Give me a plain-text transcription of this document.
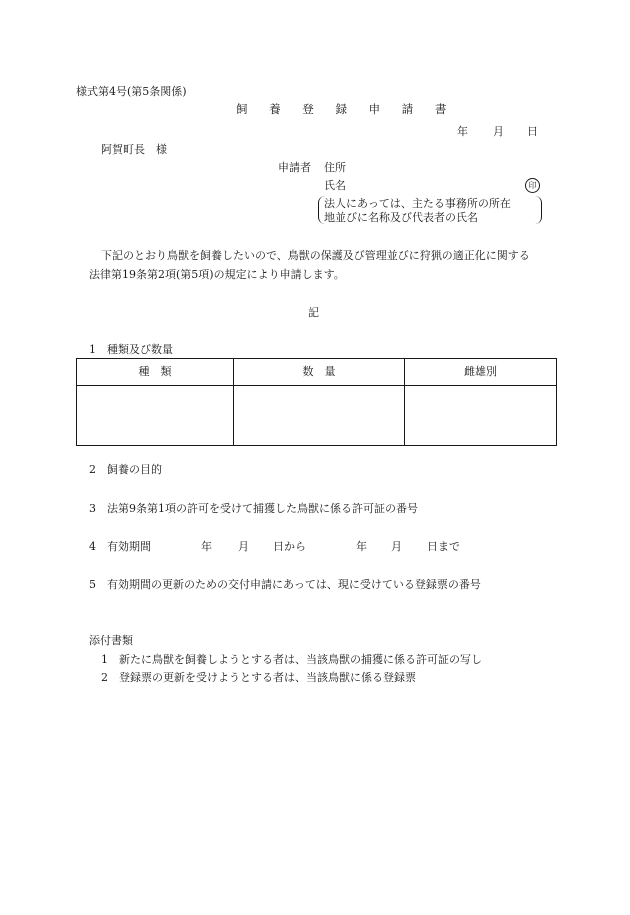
様式第4号(第5条関係)
飼 養 登 録 申 請 書
年 月 日
阿賀町長　様
申請者 住所
氏名	印
法人にあっては、主たる事務所の所在
地並びに名称及び代表者の氏名
下記のとおり鳥獣を飼養したいので、鳥獣の保護及び管理並びに狩猟の適正化に関する
法律第19条第2項(第5項)の規定により申請します。
記
1　種類及び数量
種　類	数　量	雌雄別

2　飼養の目的
3　法第9条第1項の許可を受けて捕獲した鳥獣に係る許可証の番号
4　有効期間	年 月 日から	年 月 日まで
5　有効期間の更新のための交付申請にあっては、現に受けている登録票の番号
添付書類
1　新たに鳥獣を飼養しようとする者は、当該鳥獣の捕獲に係る許可証の写し
2　登録票の更新を受けようとする者は、当該鳥獣に係る登録票
